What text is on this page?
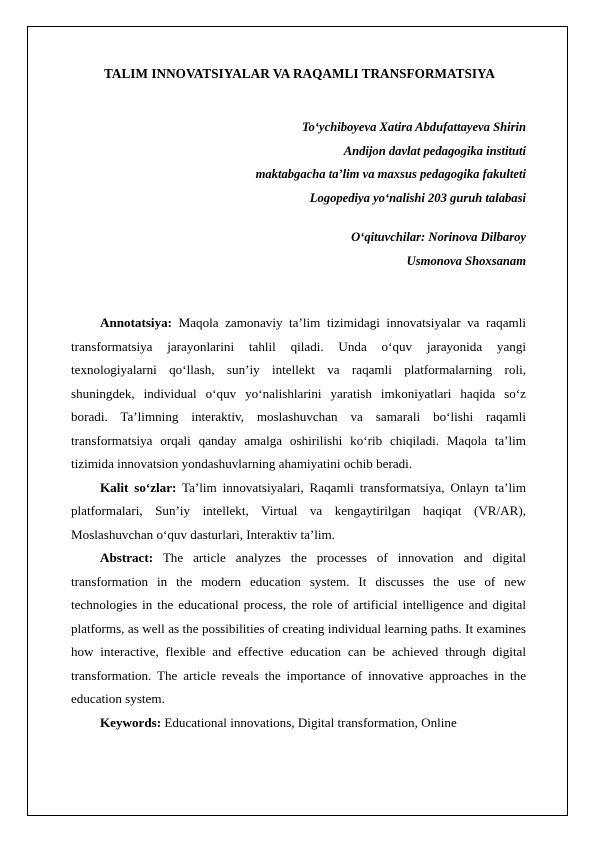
TALIM INNOVATSIYALAR VA RAQAMLI TRANSFORMATSIYA
To‘ychiboyeva Xatira Abdufattayeva Shirin
Andijon davlat pedagogika instituti
maktabgacha ta’lim va maxsus pedagogika fakulteti
Logopediya yo‘nalishi 203 guruh talabasi
O‘qituvchilar: Norinova Dilbaroy
Usmonova Shoxsanam

Annotatsiya: Maqola zamonaviy ta’lim tizimidagi innovatsiyalar va raqamli transformatsiya jarayonlarini tahlil qiladi. Unda o‘quv jarayonida yangi texnologiyalarni qo‘llash, sun’iy intellekt va raqamli platformalarning roli, shuningdek, individual o‘quv yo‘nalishlarini yaratish imkoniyatlari haqida so‘z boradi. Ta’limning interaktiv, moslashuvchan va samarali bo‘lishi raqamli transformatsiya orqali qanday amalga oshirilishi ko‘rib chiqiladi. Maqola ta’lim tizimida innovatsion yondashuvlarning ahamiyatini ochib beradi.

Kalit so‘zlar: Ta’lim innovatsiyalari, Raqamli transformatsiya, Onlayn ta’lim platformalari, Sun’iy intellekt, Virtual va kengaytirilgan haqiqat (VR/AR), Moslashuvchan o‘quv dasturlari, Interaktiv ta’lim.

Abstract: The article analyzes the processes of innovation and digital transformation in the modern education system. It discusses the use of new technologies in the educational process, the role of artificial intelligence and digital platforms, as well as the possibilities of creating individual learning paths. It examines how interactive, flexible and effective education can be achieved through digital transformation. The article reveals the importance of innovative approaches in the education system.

Keywords: Educational innovations, Digital transformation, Online
